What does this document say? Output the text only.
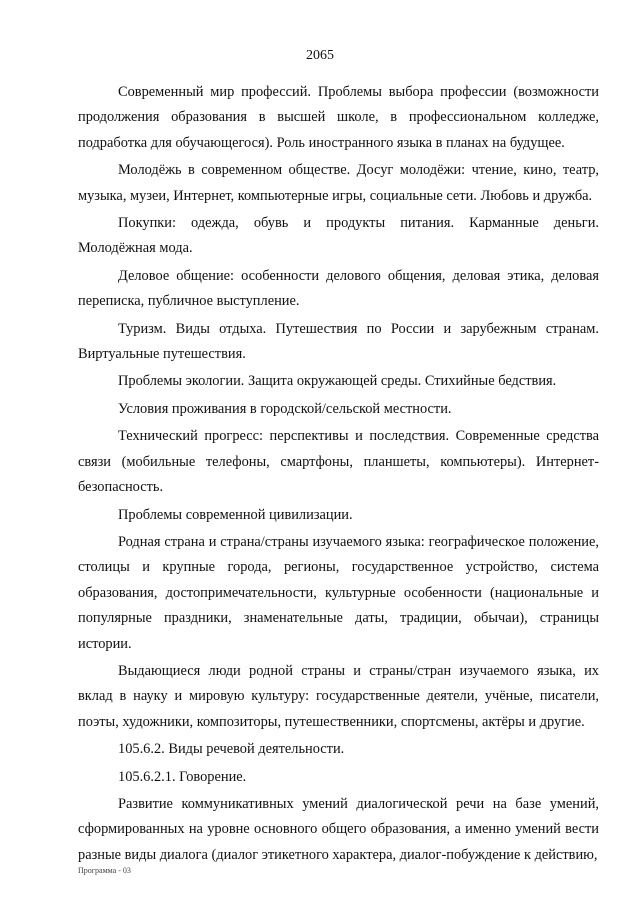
2065

Современный мир профессий. Проблемы выбора профессии (возможности продолжения образования в высшей школе, в профессиональном колледже, подработка для обучающегося). Роль иностранного языка в планах на будущее.

Молодёжь в современном обществе. Досуг молодёжи: чтение, кино, театр, музыка, музеи, Интернет, компьютерные игры, социальные сети. Любовь и дружба.

Покупки: одежда, обувь и продукты питания. Карманные деньги. Молодёжная мода.

Деловое общение: особенности делового общения, деловая этика, деловая переписка, публичное выступление.

Туризм. Виды отдыха. Путешествия по России и зарубежным странам. Виртуальные путешествия.

Проблемы экологии. Защита окружающей среды. Стихийные бедствия.

Условия проживания в городской/сельской местности.

Технический прогресс: перспективы и последствия. Современные средства связи (мобильные телефоны, смартфоны, планшеты, компьютеры). Интернет-безопасность.

Проблемы современной цивилизации.

Родная страна и страна/страны изучаемого языка: географическое положение, столицы и крупные города, регионы, государственное устройство, система образования, достопримечательности, культурные особенности (национальные и популярные праздники, знаменательные даты, традиции, обычаи), страницы истории.

Выдающиеся люди родной страны и страны/стран изучаемого языка, их вклад в науку и мировую культуру: государственные деятели, учёные, писатели, поэты, художники, композиторы, путешественники, спортсмены, актёры и другие.

105.6.2. Виды речевой деятельности.

105.6.2.1. Говорение.

Развитие коммуникативных умений диалогической речи на базе умений, сформированных на уровне основного общего образования, а именно умений вести разные виды диалога (диалог этикетного характера, диалог-побуждение к действию,

Программа - 03
